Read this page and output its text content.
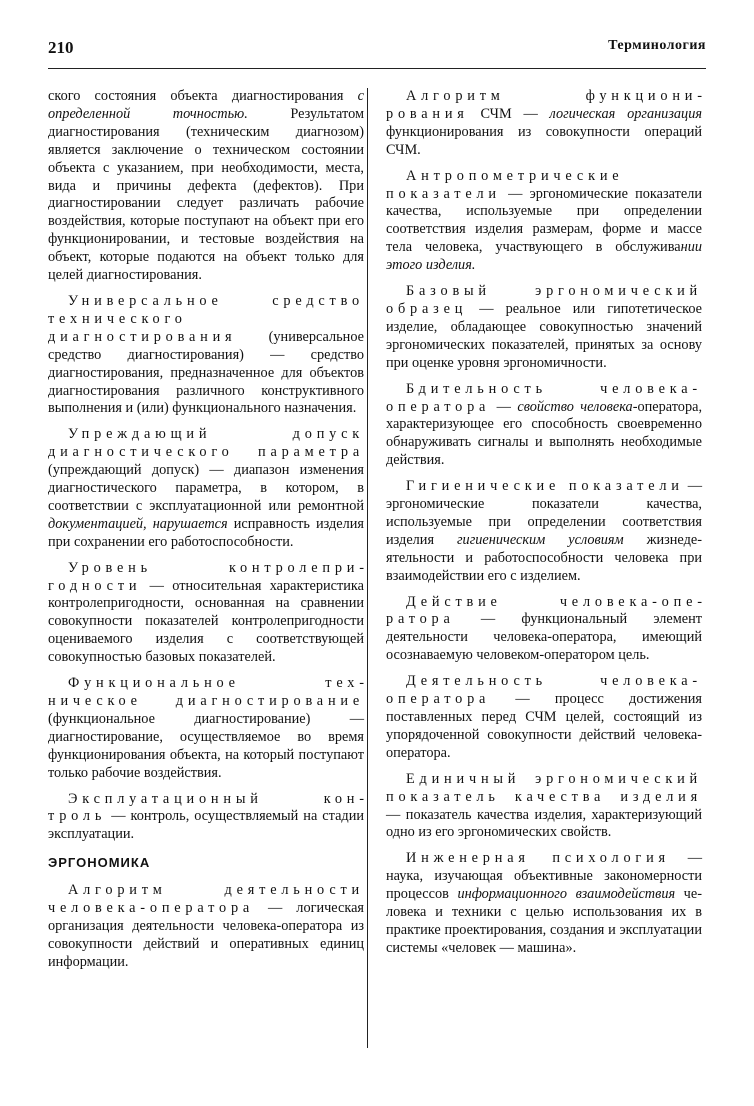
210	Терминология

ского состояния объекта диагностирования с определенной точностью. Результатом диагностирования (техническим диагнозом) является заключение о техническом состоянии объекта с указанием, при необходимости, места, вида и причины дефекта (дефектов). При диагностировании следует различать рабочие воздействия, которые поступают на объект при его функционировании, и тестовые воздействия на объект, которые подаются на объект только для целей диагностирования.

Универсальное средство технического диагностирования (универсальное средство диагностирования) — средство диагностирования, предназначенное для объектов диагностирования различного конструктивного выполнения и (или) функционального назначения.

Упреждающий допуск диагностического параметра (упреждающий допуск) — диапазон изменения диагностического параметра, в котором, в соответствии с эксплуатационной или ремонтной документацией, нарушается исправность изделия при сохранении его работоспособности.

Уровень контролепригодности — относительная характеристика контролепригодности, основанная на сравнении совокупности показателей контролепригодности оцениваемого изделия с соответствующей совокупностью базовых показателей.

Функциональное техническое диагностирование (функциональное диагностирование) — диагностирование, осуществляемое во время функционирования объекта, на который поступают только рабочие воздействия.

Эксплуатационный контроль — контроль, осуществляемый на стадии эксплуатации.

ЭРГОНОМИКА

Алгоритм деятельности человека-оператора — логическая организация деятельности человека-оператора из совокупности действий и оперативных единиц информации.

Алгоритм функционирования СЧМ — логическая организация функционирования из совокупности операций СЧМ.

Антропометрические показатели — эргономические показатели качества, используемые при определении соответствия изделия размерам, форме и массе тела человека, участвующего в обслуживании этого изделия.

Базовый эргономический образец — реальное или гипотетическое изделие, обладающее совокупностью значений эргономических показателей, принятых за основу при оценке уровня эргономичности.

Бдительность человека-оператора — свойство человека-оператора, характеризующее его способность своевременно обнаруживать сигналы и выполнять необходимые действия.

Гигиенические показатели — эргономические показатели качества, используемые при определении соответствия изделия гигиеническим условиям жизнедеятельности и работоспособности человека при взаимодействии его с изделием.

Действие человека-оператора — функциональный элемент деятельности человека-оператора, имеющий осознаваемую человеком-оператором цель.

Деятельность человека-оператора — процесс достижения поставленных перед СЧМ целей, состоящий из упорядоченной совокупности действий человека-оператора.

Единичный эргономический показатель качества изделия — показатель качества изделия, характеризующий одно из его эргономических свойств.

Инженерная психология — наука, изучающая объективные закономерности процессов информационного взаимодействия человека и техники с целью использования их в практике проектирования, создания и эксплуатации системы «человек — машина».
